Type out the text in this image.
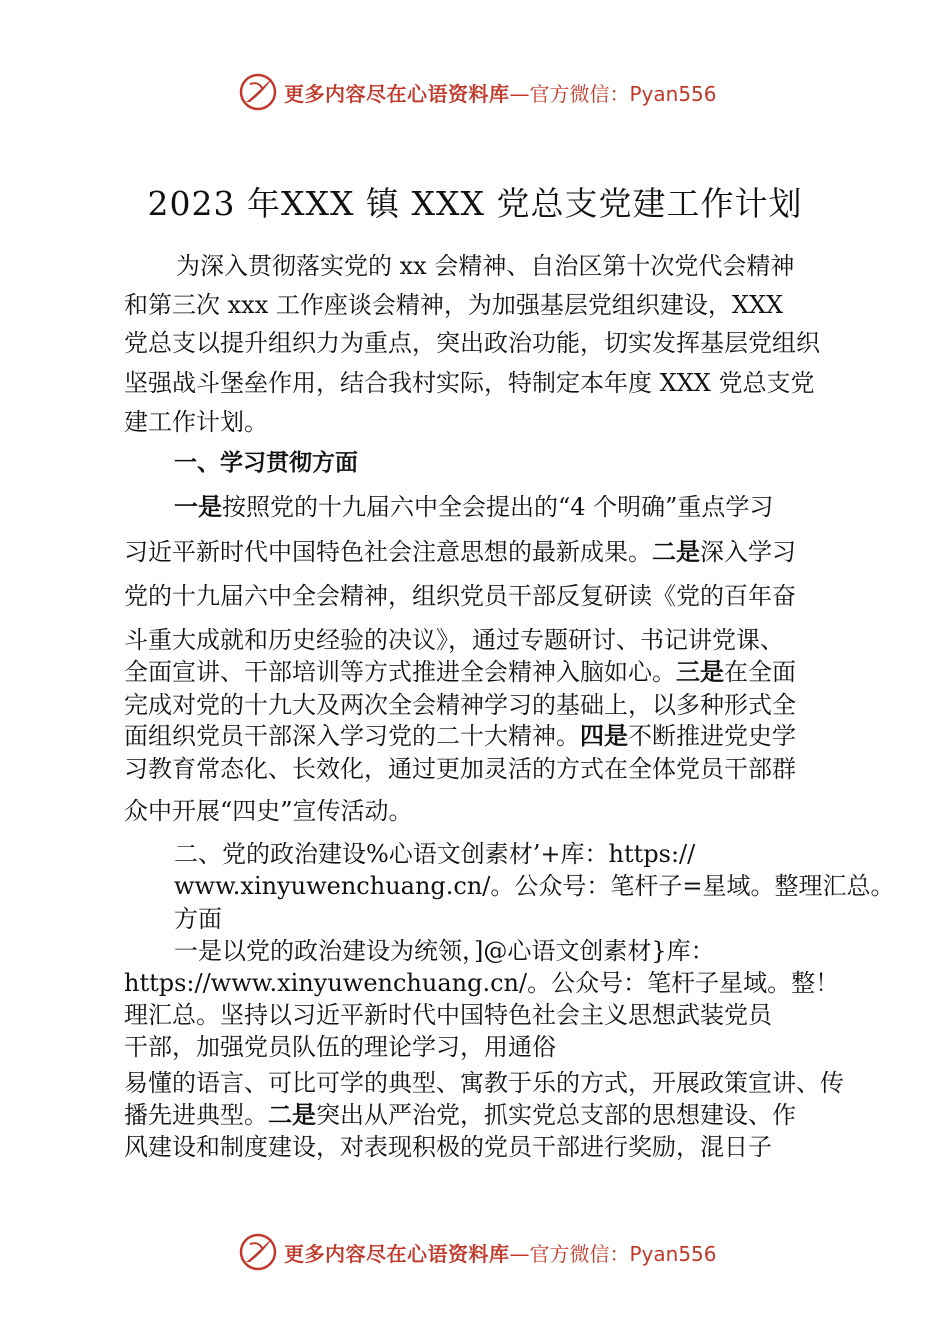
更多内容尽在心语资料库 —官方微信：Pyan556
2023 年XXX 镇 XXX 党总支党建工作计划
为深入贯彻落实党的 xx 会精神、自治区第十次党代会精神
和第三次 xxx 工作座谈会精神，为加强基层党组织建设，XXX
党总支以提升组织力为重点，突出政治功能，切实发挥基层党组织
坚强战斗堡垒作用，结合我村实际，特制定本年度 XXX 党总支党
建工作计划。
一、学习贯彻方面
一是按照党的十九届六中全会提出的“4 个明确”重点学习
习近平新时代中国特色社会注意思想的最新成果。二是深入学习
党的十九届六中全会精神，组织党员干部反复研读《党的百年奋
斗重大成就和历史经验的决议》，通过专题研讨、书记讲党课、
全面宣讲、干部培训等方式推进全会精神入脑如心。三是在全面
完成对党的十九大及两次全会精神学习的基础上，以多种形式全
面组织党员干部深入学习党的二十大精神。四是不断推进党史学
习教育常态化、长效化，通过更加灵活的方式在全体党员干部群
众中开展“四史”宣传活动。
二、党的政治建设%心语文创素材’+库：https://
www.xinyuwenchuang.cn/。公众号：笔杆子=星域。整理汇总。
方面
一是以党的政治建设为统领，]@心语文创素材}库：
https://www.xinyuwenchuang.cn/。公众号：笔杆子星域。整！
理汇总。坚持以习近平新时代中国特色社会主义思想武装党员
干部，加强党员队伍的理论学习，用通俗
易懂的语言、可比可学的典型、寓教于乐的方式，开展政策宣讲、传
播先进典型。二是突出从严治党，抓实党总支部的思想建设、作
风建设和制度建设，对表现积极的党员干部进行奖励，混日子
更多内容尽在心语资料库 —官方微信：Pyan556
